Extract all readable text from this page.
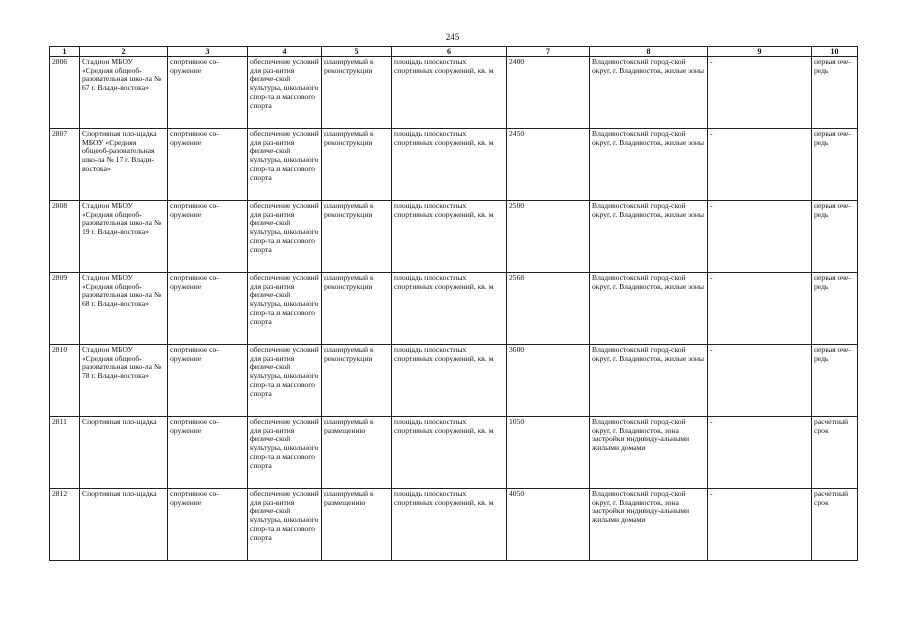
245
1	2	3	4	5	6	7	8	9	10
2806	Стадион МБОУ «Средняя общеоб-разовательная шко-ла № 67 г. Влади-востока»	спортивное со-оружение	обеспечение условий для раз-вития физиче-ской культуры, школьного спор-та и массового спорта	планируемый к реконструкции	площадь плоскостных спортивных сооружений, кв. м	2400	Владивостокский город-ской округ, г. Владивосток, жилые зоны	-	первая оче-редь
2807	Спортивная пло-щадка МБОУ «Средняя общеоб-разовательная шко-ла № 17 г. Влади-востока»	спортивное со-оружение	обеспечение условий для раз-вития физиче-ской культуры, школьного спор-та и массового спорта	планируемый к реконструкции	площадь плоскостных спортивных сооружений, кв. м	2450	Владивостокский город-ской округ, г. Владивосток, жилые зоны	-	первая оче-редь
2808	Стадион МБОУ «Средняя общеоб-разовательная шко-ла № 19 г. Влади-востока»	спортивное со-оружение	обеспечение условий для раз-вития физиче-ской культуры, школьного спор-та и массового спорта	планируемый к реконструкции	площадь плоскостных спортивных сооружений, кв. м	2500	Владивостокский город-ской округ, г. Владивосток, жилые зоны	-	первая оче-редь
2809	Стадион МБОУ «Средняя общеоб-разовательная шко-ла № 68 г. Влади-востока»	спортивное со-оружение	обеспечение условий для раз-вития физиче-ской культуры, школьного спор-та и массового спорта	планируемый к реконструкции	площадь плоскостных спортивных сооружений, кв. м	2568	Владивостокский город-ской округ, г. Владивосток, жилые зоны	-	первая оче-редь
2810	Стадион МБОУ «Средняя общеоб-разовательная шко-ла № 78 г. Влади-востока»	спортивное со-оружение	обеспечение условий для раз-вития физиче-ской культуры, школьного спор-та и массового спорта	планируемый к реконструкции	площадь плоскостных спортивных сооружений, кв. м	3600	Владивостокский город-ской округ, г. Владивосток, жилые зоны	-	первая оче-редь
2811	Спортивная пло-щадка	спортивное со-оружение	обеспечение условий для раз-вития физиче-ской культуры, школьного спор-та и массового спорта	планируемый к размещению	площадь плоскостных спортивных сооружений, кв. м	1050	Владивостокский город-ской округ, г. Владивосток, зона застройки индивиду-альными жилыми домами	-	расчетный срок
2812	Спортивная пло-щадка	спортивное со-оружение	обеспечение условий для раз-вития физиче-ской культуры, школьного спор-та и массового спорта	планируемый к размещению	площадь плоскостных спортивных сооружений, кв. м	4050	Владивостокский город-ской округ, г. Владивосток, зона застройки индивиду-альными жилыми домами	-	расчетный срок
